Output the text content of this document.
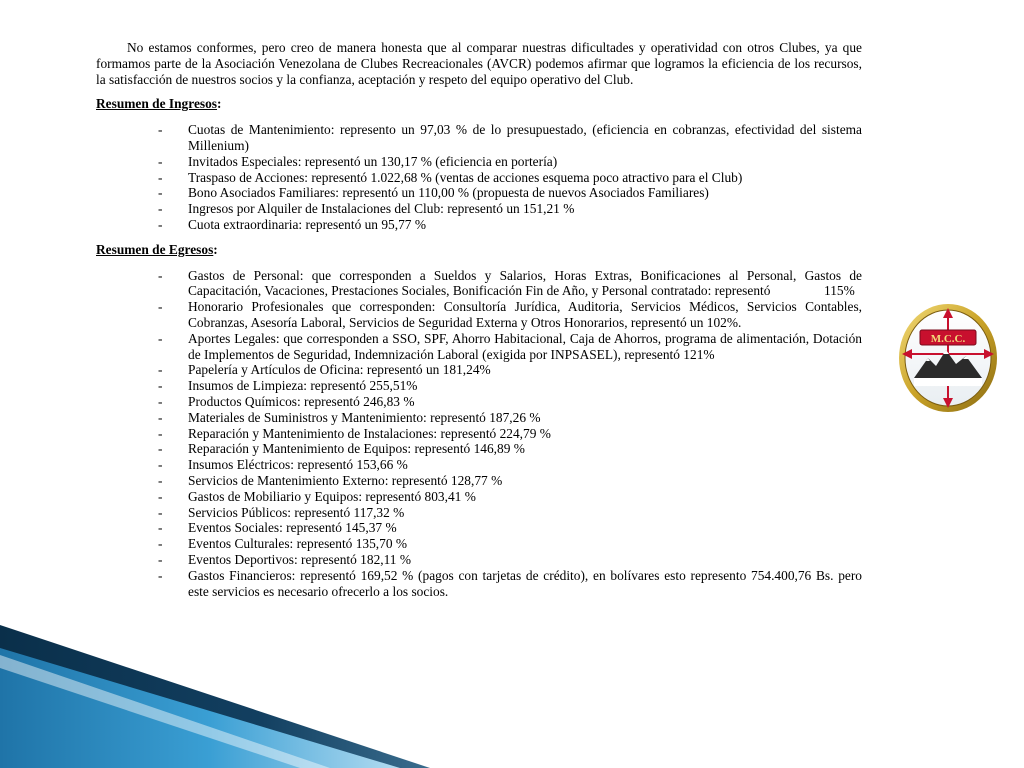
No estamos conformes, pero creo de manera honesta que al comparar nuestras dificultades y operatividad con otros Clubes, ya que formamos parte de la Asociación Venezolana de Clubes Recreacionales (AVCR) podemos afirmar que logramos la eficiencia de los recursos, la satisfacción de nuestros socios y la confianza, aceptación y respeto del equipo operativo del Club.

Resumen de Ingresos:

- Cuotas de Mantenimiento: represento un 97,03 % de lo presupuestado, (eficiencia en cobranzas, efectividad del sistema Millenium)
- Invitados Especiales: representó un 130,17 % (eficiencia en portería)
- Traspaso de Acciones: representó 1.022,68 % (ventas de acciones esquema poco atractivo para el Club)
- Bono Asociados Familiares: representó un 110,00 % (propuesta de nuevos Asociados Familiares)
- Ingresos por Alquiler de Instalaciones del Club: representó un 151,21 %
- Cuota extraordinaria: representó un 95,77 %

Resumen de Egresos:

- Gastos de Personal: que corresponden a Sueldos y Salarios, Horas Extras, Bonificaciones al Personal, Gastos de Capacitación, Vacaciones, Prestaciones Sociales, Bonificación Fin de Año, y Personal contratado: representó                115%
- Honorario Profesionales que corresponden: Consultoría Jurídica, Auditoria, Servicios Médicos, Servicios Contables, Cobranzas, Asesoría Laboral, Servicios de Seguridad Externa y Otros Honorarios, representó un 102%.
- Aportes Legales: que corresponden a SSO, SPF, Ahorro Habitacional, Caja de Ahorros, programa de alimentación, Dotación de Implementos de Seguridad, Indemnización Laboral (exigida por INPSASEL), representó 121%
- Papelería y Artículos de Oficina: representó un 181,24%
- Insumos de Limpieza: representó 255,51%
- Productos Químicos: representó 246,83 %
- Materiales de Suministros y Mantenimiento: representó 187,26 %
- Reparación y Mantenimiento de Instalaciones: representó 224,79 %
- Reparación y Mantenimiento de Equipos: representó 146,89 %
- Insumos Eléctricos: representó 153,66 %
- Servicios de Mantenimiento Externo: representó 128,77 %
- Gastos de Mobiliario y Equipos: representó 803,41 %
- Servicios Públicos: representó 117,32 %
- Eventos Sociales: representó 145,37 %
- Eventos Culturales: representó 135,70 %
- Eventos Deportivos: representó 182,11 %
- Gastos Financieros: representó 169,52 % (pagos con tarjetas de crédito), en bolívares esto represento 754.400,76 Bs. pero este servicios es necesario ofrecerlo a los socios.
M.C.C.
